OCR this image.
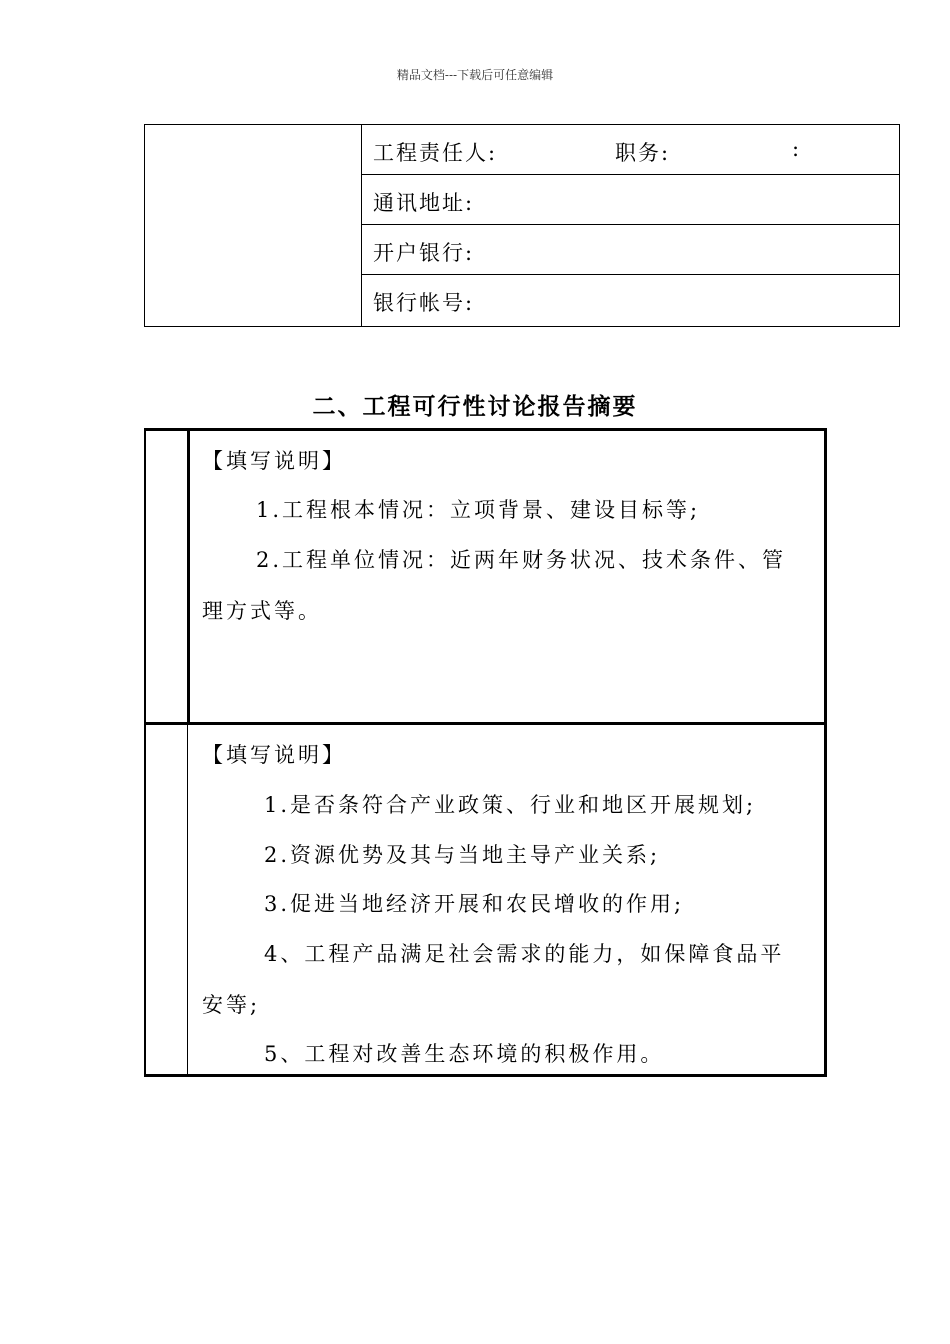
精品文档---下载后可任意编辑
工程责任人:	职务:	:
通讯地址:
开户银行:
银行帐号:
二、工程可行性讨论报告摘要
【填写说明】
1.工程根本情况：立项背景、建设目标等;
2.工程单位情况：近两年财务状况、技术条件、管
理方式等。
【填写说明】
1.是否条符合产业政策、行业和地区开展规划;
2.资源优势及其与当地主导产业关系;
3.促进当地经济开展和农民增收的作用;
4、工程产品满足社会需求的能力，如保障食品平
安等;
5、工程对改善生态环境的积极作用。
